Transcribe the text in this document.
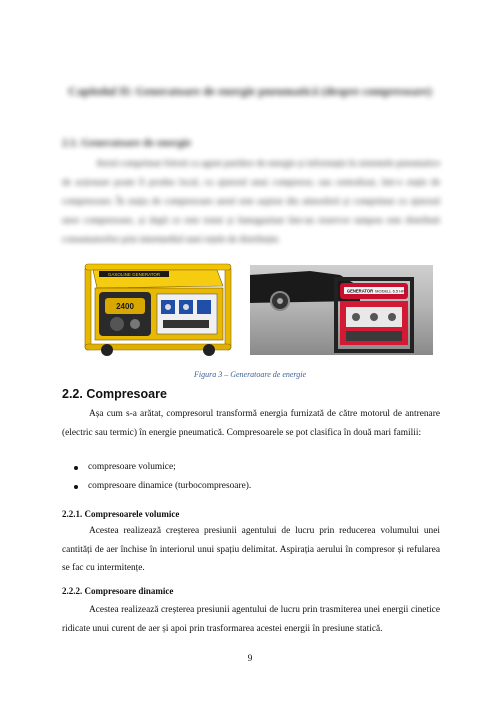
Capitolul II: Generatoare de energie pneumatică (despre compresoare)
2.1. Generatoare de energie
Aerul comprimat folosit ca agent purtător de energie și informație în sistemele pneumatice de acționare poate fi produs local, cu ajutorul unui compresor, sau centralizat, într-o stație de compresoare. În stația de compresoare aerul este aspirat din atmosferă și comprimat cu ajutorul unor compresoare, și după ce este tratat și înmagazinat într-un rezervor tampon este distribuit consumatorilor prin intermediul unei rețele de distribuție.
GASOLINE GENERATOR
2400
GENERATOR MODELL 6.5 HP
Figura 3 – Generatoare de energie
2.2. Compresoare
Așa cum s-a arătat, compresorul transformă energia furnizată de către motorul de antrenare (electric sau termic) în energie pneumatică. Compresoarele se pot clasifica în două mari familii:
compresoare volumice;
compresoare dinamice (turbocompresoare).
2.2.1. Compresoarele volumice
Acestea realizează creșterea presiunii agentului de lucru prin reducerea volumului unei cantități de aer închise în interiorul unui spațiu delimitat. Aspirația aerului în compresor și refularea se fac cu intermitențe.
2.2.2. Compresoare dinamice
Acestea realizează creșterea presiunii agentului de lucru prin trasmiterea unei energii cinetice ridicate unui curent de aer și apoi prin trasformarea acestei energii în presiune statică.
9
